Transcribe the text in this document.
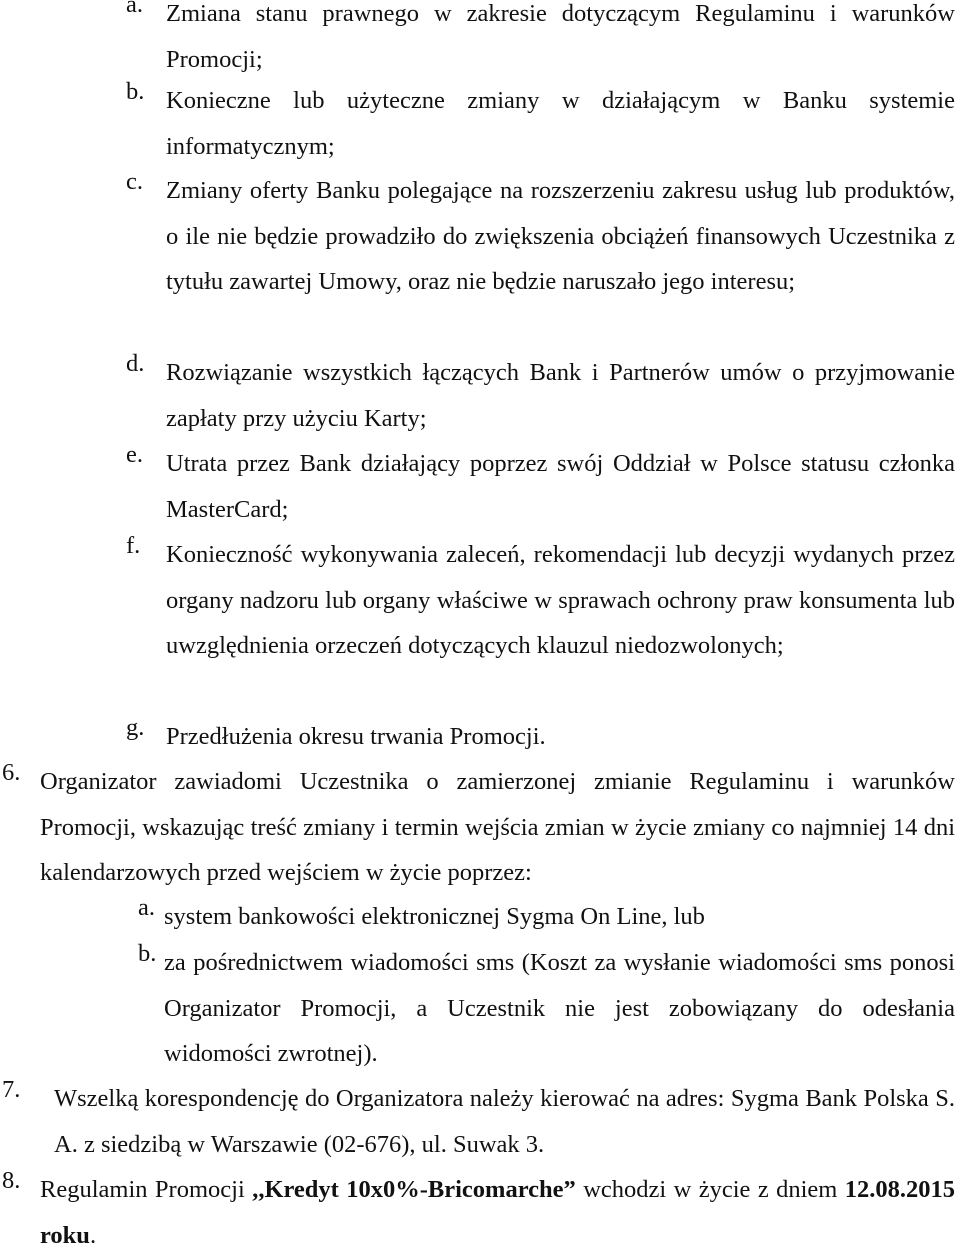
a. Zmiana stanu prawnego w zakresie dotyczącym Regulaminu i warunków Promocji;
b. Konieczne lub użyteczne zmiany w działającym w Banku systemie informatycznym;
c. Zmiany oferty Banku polegające na rozszerzeniu zakresu usług lub produktów, o ile nie będzie prowadziło do zwiększenia obciążeń finansowych Uczestnika z tytułu zawartej Umowy, oraz nie będzie naruszało jego interesu;
d. Rozwiązanie wszystkich łączących Bank i Partnerów umów o przyjmowanie zapłaty przy użyciu Karty;
e. Utrata przez Bank działający poprzez swój Oddział w Polsce statusu członka MasterCard;
f. Konieczność wykonywania zaleceń, rekomendacji lub decyzji wydanych przez organy nadzoru lub organy właściwe w sprawach ochrony praw konsumenta lub uwzględnienia orzeczeń dotyczących klauzul niedozwolonych;
g. Przedłużenia okresu trwania Promocji.
6. Organizator zawiadomi Uczestnika o zamierzonej zmianie Regulaminu i warunków Promocji, wskazując treść zmiany i termin wejścia zmian w życie zmiany co najmniej 14 dni kalendarzowych przed wejściem w życie poprzez:
a. system bankowości elektronicznej Sygma On Line, lub
b. za pośrednictwem wiadomości sms (Koszt za wysłanie wiadomości sms ponosi Organizator Promocji, a Uczestnik nie jest zobowiązany do odesłania widomości zwrotnej).
7. Wszelką korespondencję do Organizatora należy kierować na adres: Sygma Bank Polska S. A. z siedzibą w Warszawie (02-676), ul. Suwak 3.
8. Regulamin Promocji ,,Kredyt 10x0%-Bricomarche” wchodzi w życie z dniem 12.08.2015 roku.
